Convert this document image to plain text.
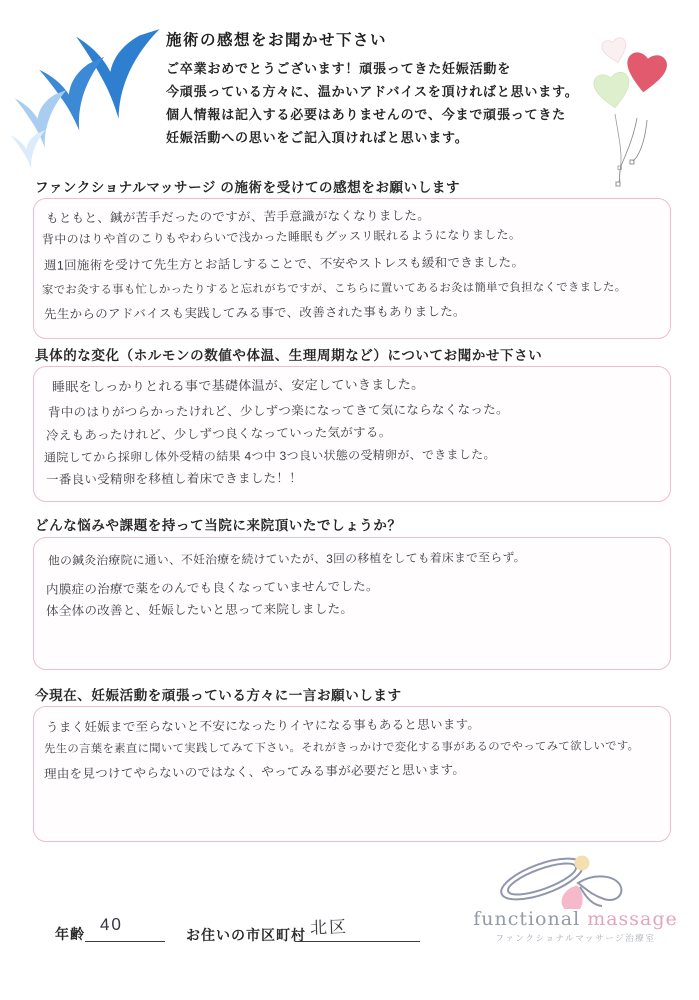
施術の感想をお聞かせ下さい
ご卒業おめでとうございます！頑張ってきた妊娠活動を
今頑張っている方々に、温かいアドバイスを頂ければと思います。
個人情報は記入する必要はありませんので、今まで頑張ってきた
妊娠活動への思いをご記入頂ければと思います。
ファンクショナルマッサージ の施術を受けての感想をお願いします
もともと、鍼が苦手だったのですが、苦手意識がなくなりました。
背中のはりや首のこりもやわらいで浅かった睡眠もグッスリ眠れるようになりました。
週1回施術を受けて先生方とお話しすることで、不安やストレスも緩和できました。
家でお灸する事も忙しかったりすると忘れがちですが、こちらに置いてあるお灸は簡単で負担なくできました。
先生からのアドバイスも実践してみる事で、改善された事もありました。
具体的な変化（ホルモンの数値や体温、生理周期など）についてお聞かせ下さい
睡眠をしっかりとれる事で基礎体温が、安定していきました。
背中のはりがつらかったけれど、少しずつ楽になってきて気にならなくなった。
冷えもあったけれど、少しずつ良くなっていった気がする。
通院してから採卵し体外受精の結果 4つ中 3つ良い状態の受精卵が、できました。
一番良い受精卵を移植し着床できました！！
どんな悩みや課題を持って当院に来院頂いたでしょうか？
他の鍼灸治療院に通い、不妊治療を続けていたが、3回の移植をしても着床まで至らず。
内膜症の治療で薬をのんでも良くなっていませんでした。
体全体の改善と、妊娠したいと思って来院しました。
今現在、妊娠活動を頑張っている方々に一言お願いします
うまく妊娠まで至らないと不安になったりイヤになる事もあると思います。
先生の言葉を素直に聞いて実践してみて下さい。それがきっかけで変化する事があるのでやってみて欲しいです。
理由を見つけてやらないのではなく、やってみる事が必要だと思います。
functional massage
ファンクショナルマッサージ治療室
年齢 40
お住いの市区町村 北区
